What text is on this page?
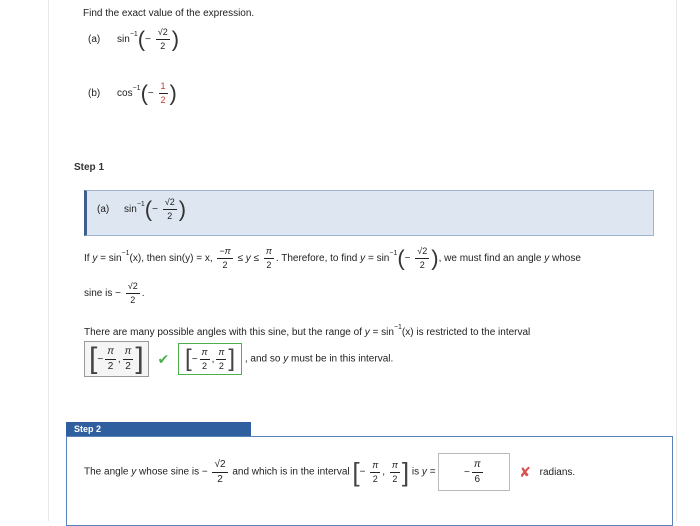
Find the exact value of the expression.
(a) $\sin^{-1}(- \frac{√2}{2}$ )
(b) $\cos^{-1}(- \frac{1}{2}$ )
Step 1
(a) $\sin^{-1}(- \frac{√2}{2}$ )
If $y = \sin^{-1}(x)$, then sin(y) = x, $\frac{-\pi}{2} \le y \le \frac{\pi}{2}$ . Therefore, to find $y = \sin^{-1}(- \frac{√2}{2}$ ), we must find an angle y whose
sine is − $\frac{√2}{2}$ .
There are many possible angles with this sine, but the range of $y = \sin^{-1}(x)$ is restricted to the interval
[ − $\frac{\pi}{2}$ , $\frac{\pi}{2}$ ] ✔ [ − $\frac{\pi}{2}$ , $\frac{\pi}{2}$ ] , and so y must be in this interval.
Step 2
The angle y whose sine is − $\frac{√2}{2}$ and which is in the interval [− $\frac{\pi}{2}$ , $\frac{\pi}{2}$ ] is y =	− $\frac{\pi}{6}$	✘ radians.
